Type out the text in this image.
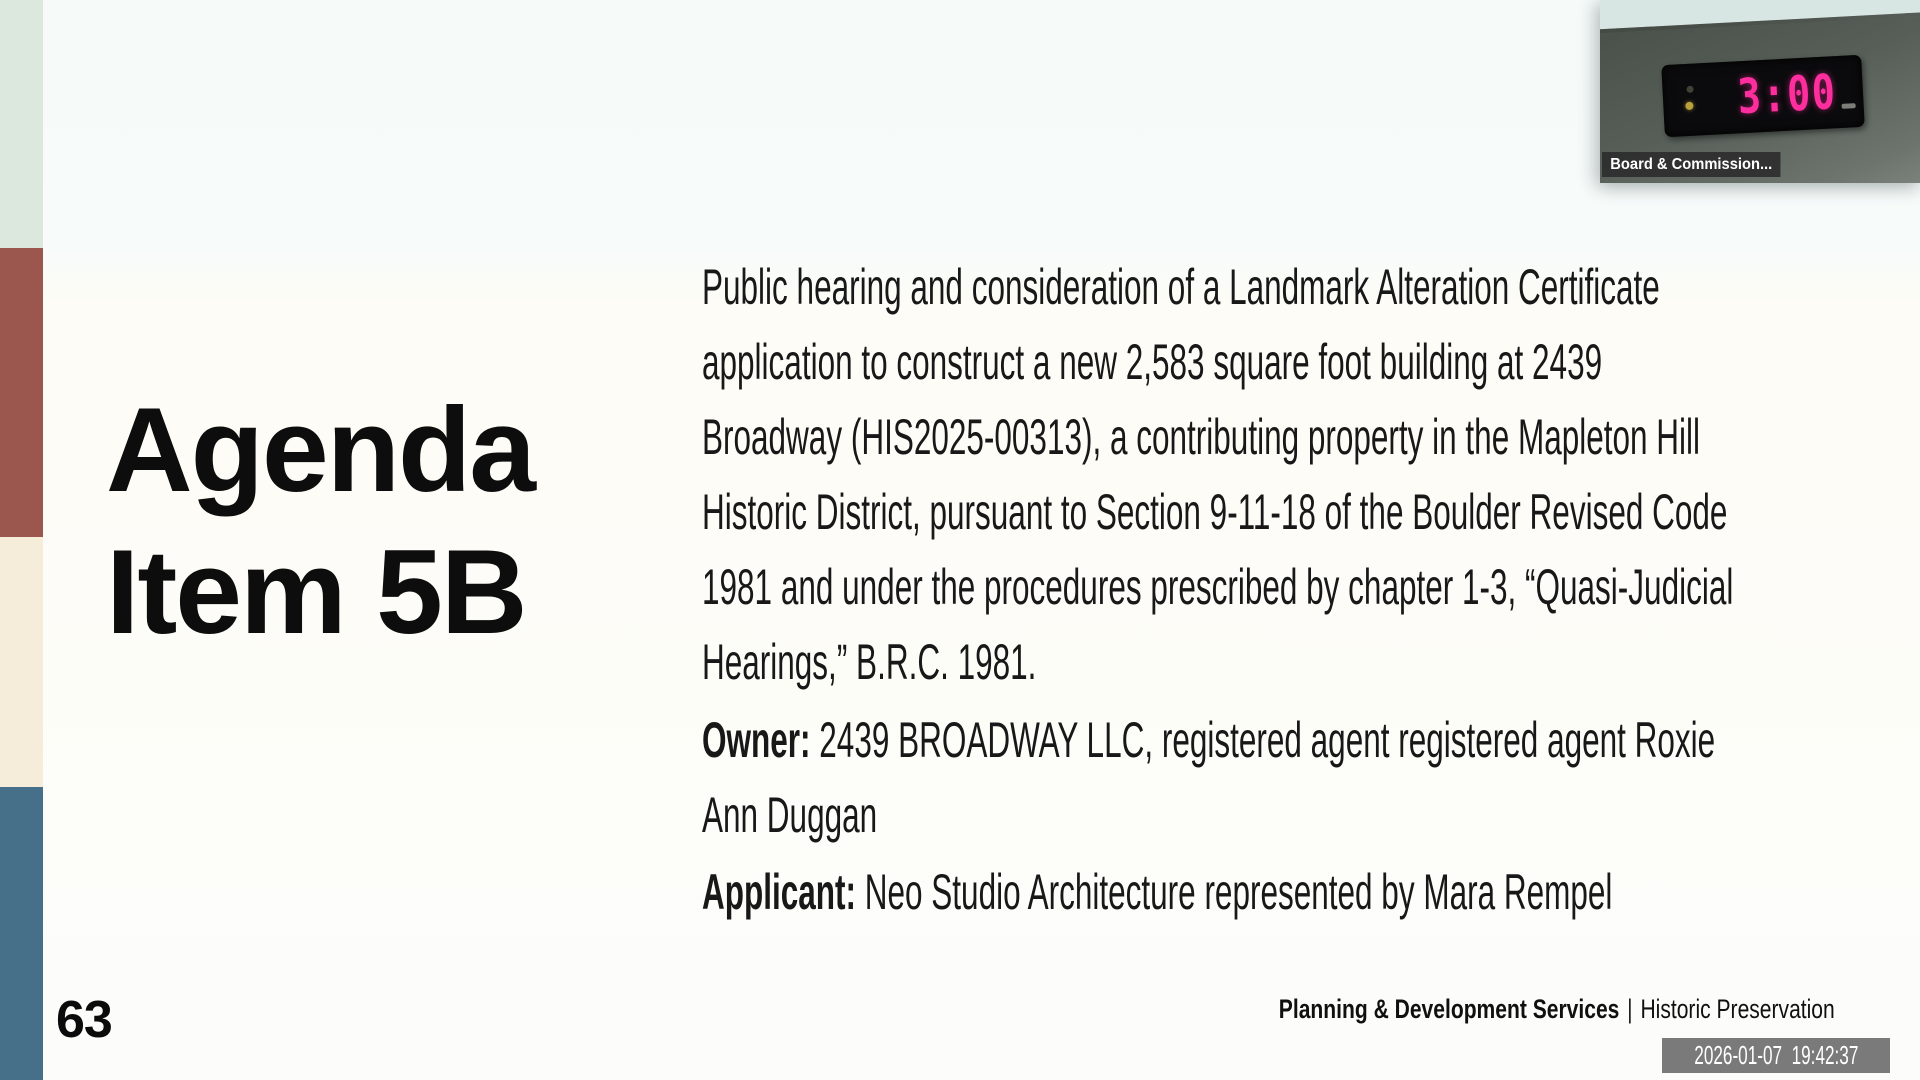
Agenda
Item 5B
Public hearing and consideration of a Landmark Alteration Certificate
application to construct a new 2,583 square foot building at 2439
Broadway (HIS2025-00313), a contributing property in the Mapleton Hill
Historic District, pursuant to Section 9-11-18 of the Boulder Revised Code
1981 and under the procedures prescribed by chapter 1-3, “Quasi-Judicial
Hearings,” B.R.C. 1981.
Owner: 2439 BROADWAY LLC, registered agent registered agent Roxie
Ann Duggan
Applicant: Neo Studio Architecture represented by Mara Rempel
Planning & Development Services | Historic Preservation
63
3:00
Board & Commission...
2026-01-07  19:42:37
